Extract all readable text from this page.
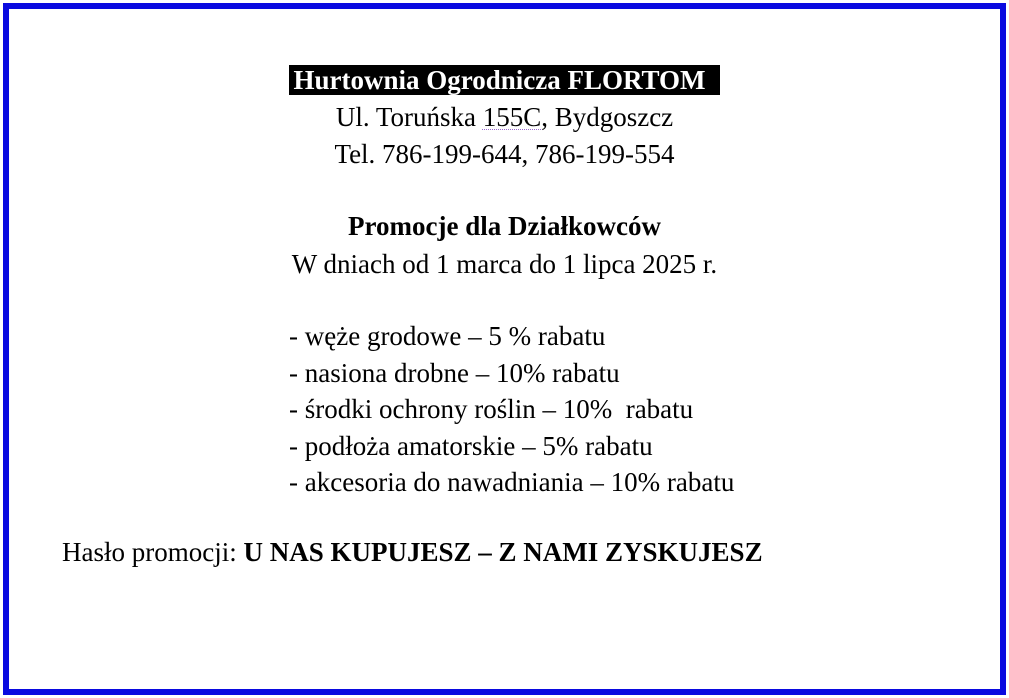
Hurtownia Ogrodnicza FLORTOM
Ul. Toruńska 155C, Bydgoszcz
Tel. 786-199-644, 786-199-554
Promocje dla Działkowców
W dniach od 1 marca do 1 lipca 2025 r.
- węże grodowe – 5 % rabatu
- nasiona drobne – 10% rabatu
- środki ochrony roślin – 10%  rabatu
- podłoża amatorskie – 5% rabatu
- akcesoria do nawadniania – 10% rabatu
Hasło promocji: U NAS KUPUJESZ – Z NAMI ZYSKUJESZ
